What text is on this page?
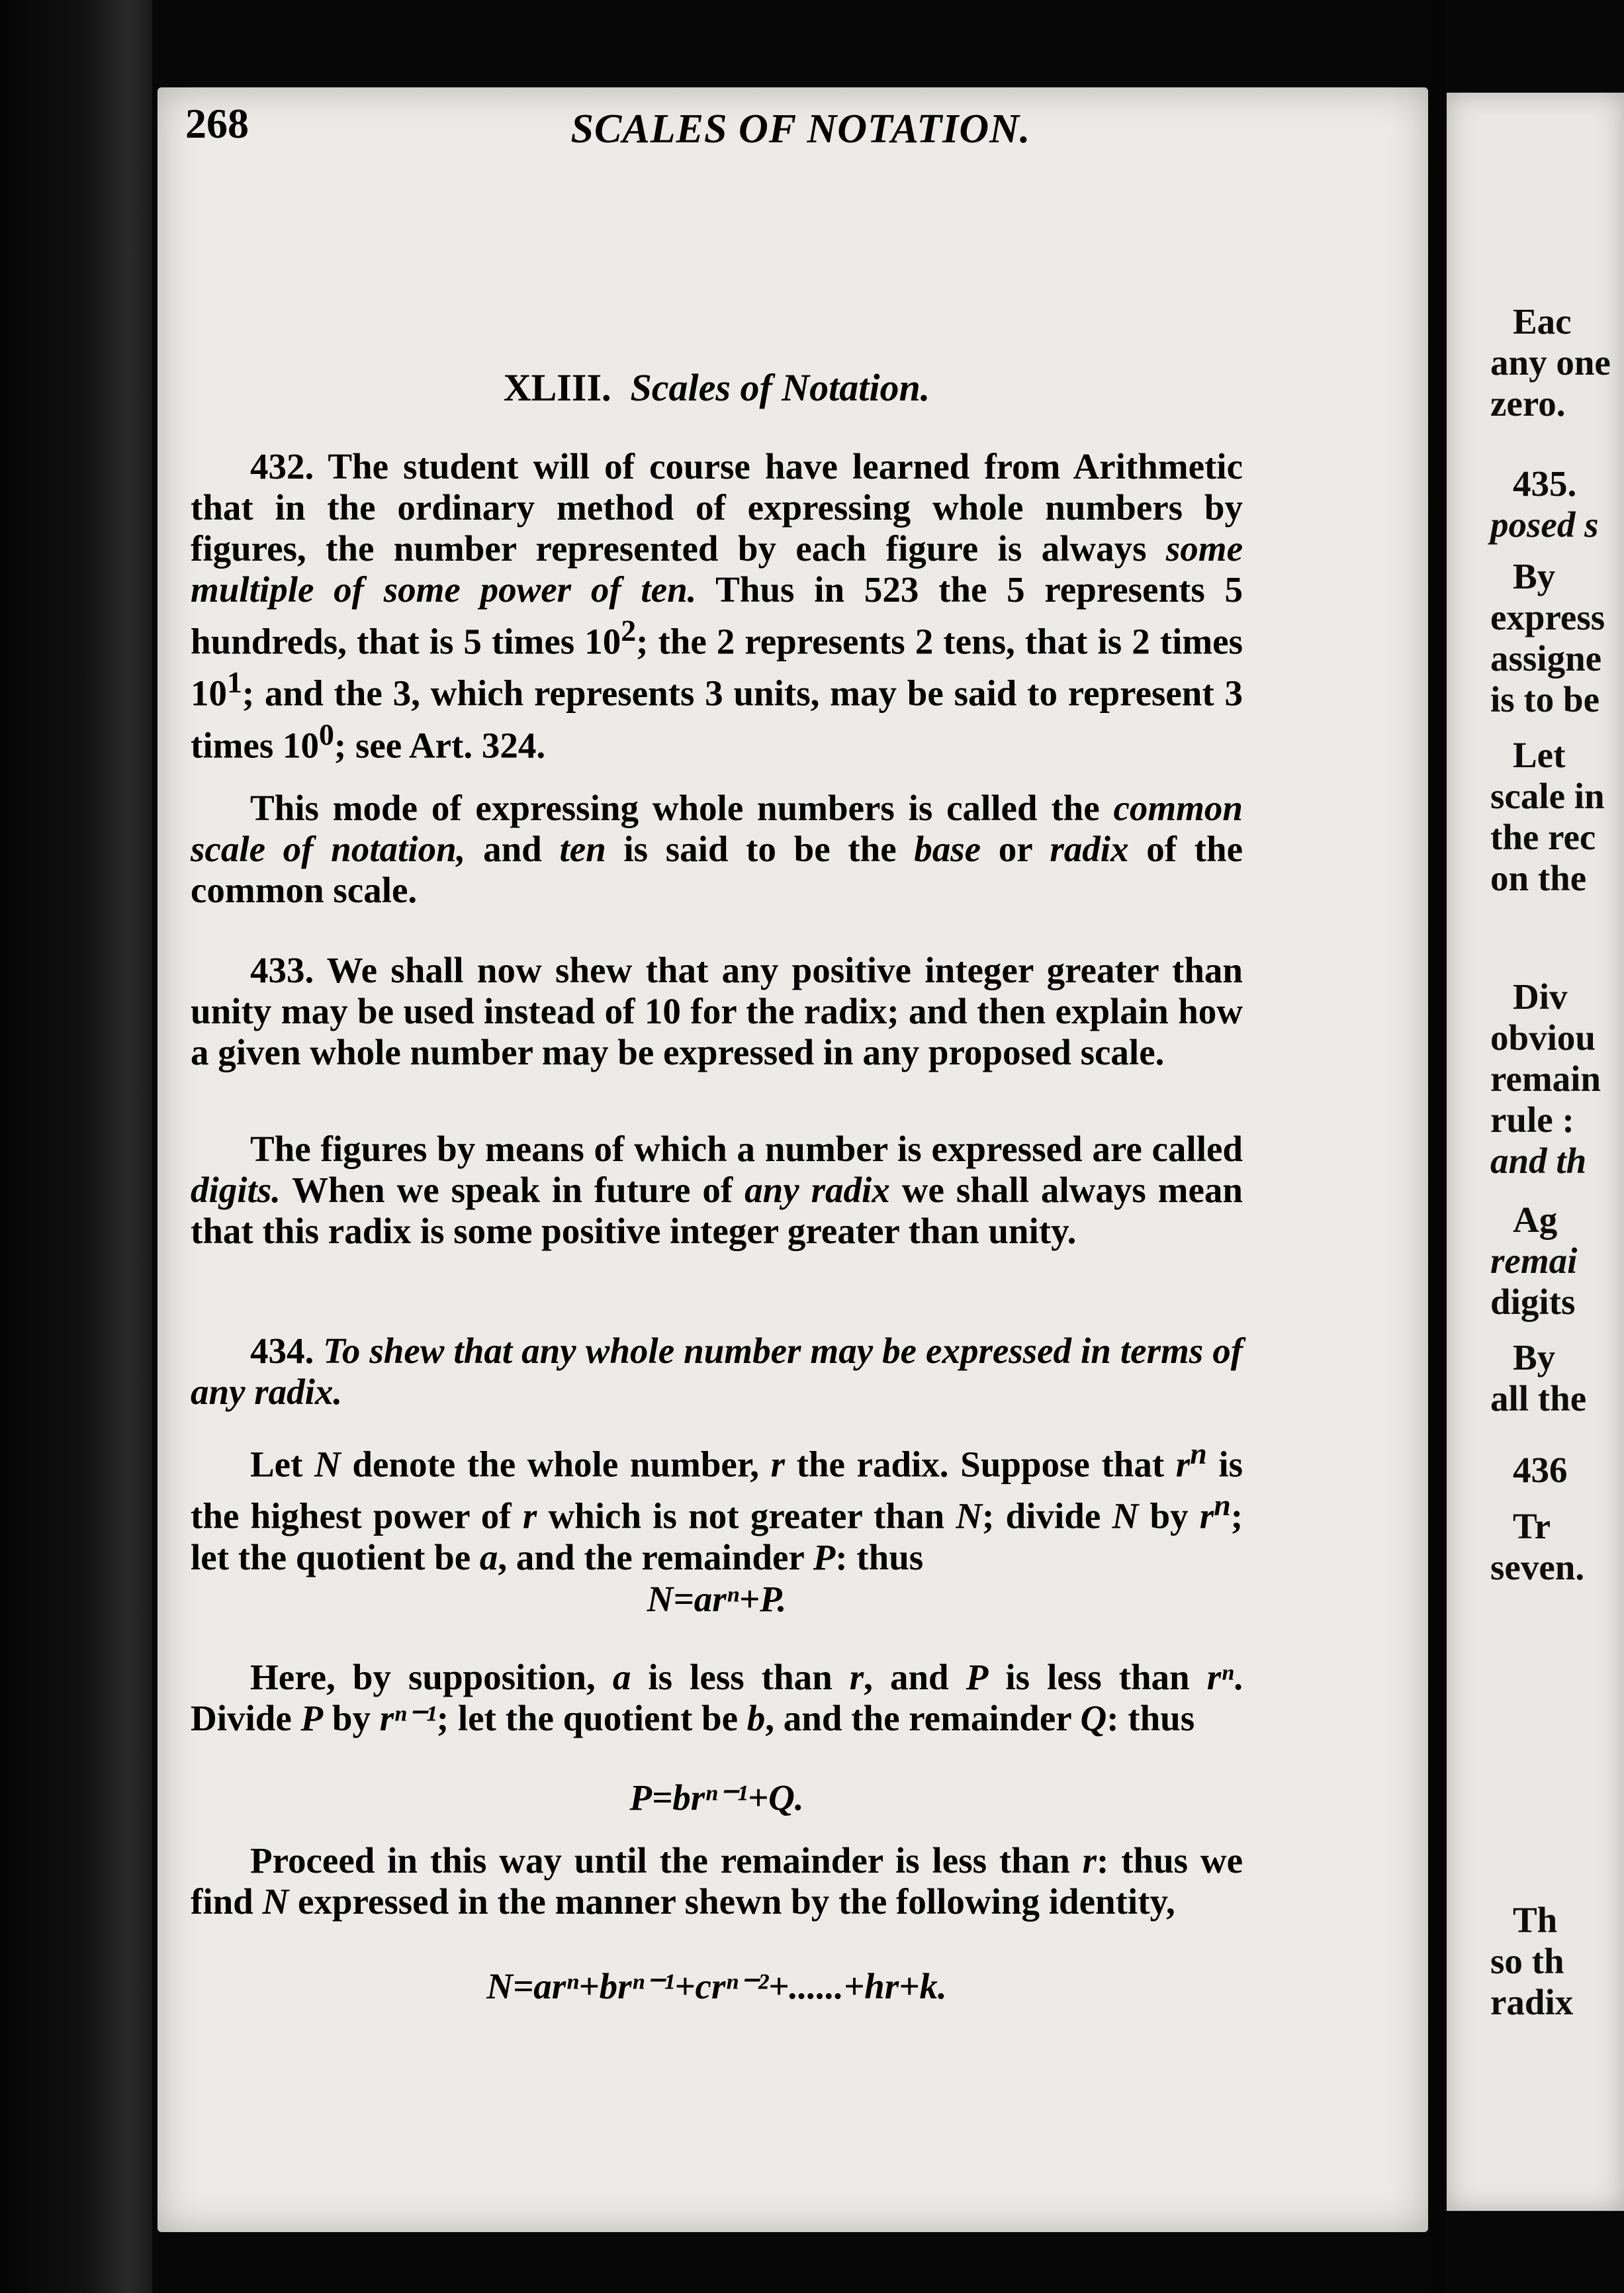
268	SCALES OF NOTATION.
XLIII. Scales of Notation.
432. The student will of course have learned from Arithmetic that in the ordinary method of expressing whole numbers by figures, the number represented by each figure is always some multiple of some power of ten. Thus in 523 the 5 represents 5 hundreds, that is 5 times $10^2$; the 2 represents 2 tens, that is 2 times $10^1$; and the 3, which represents 3 units, may be said to represent 3 times $10^0$; see Art. 324.
This mode of expressing whole numbers is called the common scale of notation, and ten is said to be the base or radix of the common scale.
433. We shall now shew that any positive integer greater than unity may be used instead of 10 for the radix; and then explain how a given whole number may be expressed in any proposed scale.
The figures by means of which a number is expressed are called digits. When we speak in future of any radix we shall always mean that this radix is some positive integer greater than unity.
434. To shew that any whole number may be expressed in terms of any radix.
Let N denote the whole number, r the radix. Suppose that $r^n$ is the highest power of r which is not greater than N; divide N by $r^n$; let the quotient be a, and the remainder P: thus
N=arⁿ+P.
Here, by supposition, a is less than r, and P is less than rⁿ. Divide P by rⁿ⁻¹; let the quotient be b, and the remainder Q: thus
P=brⁿ⁻¹+Q.
Proceed in this way until the remainder is less than r: thus we find N expressed in the manner shewn by the following identity,
N=arⁿ+brⁿ⁻¹+crⁿ⁻²+......+hr+k.
Eac
any one
zero.
435.
posed s
By
express
assigne
is to be
Let
scale in
the rec
on the
Div
obviou
remain
rule :
and th
Ag
remai
digits
By
all the
436
Tr
seven.
Th
so th
radix
